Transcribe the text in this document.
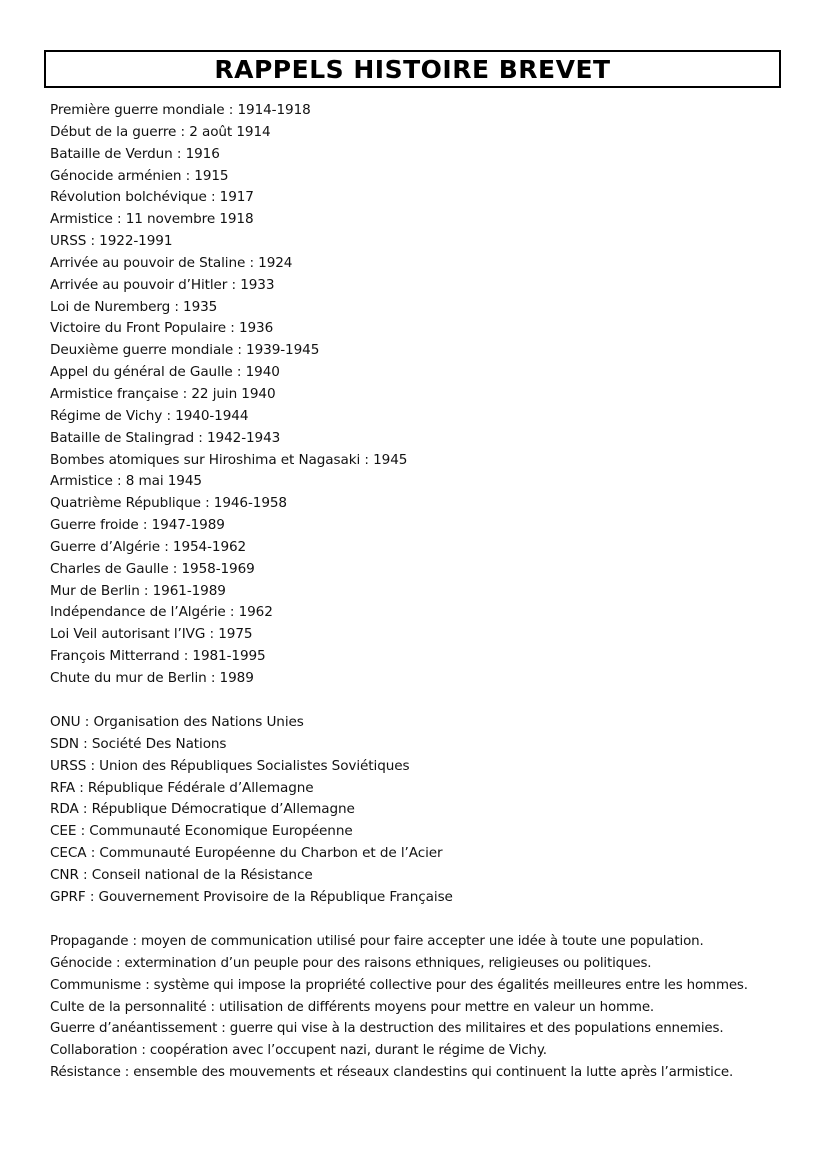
RAPPELS HISTOIRE BREVET
Première guerre mondiale : 1914-1918
Début de la guerre : 2 août 1914
Bataille de Verdun : 1916
Génocide arménien : 1915
Révolution bolchévique : 1917
Armistice : 11 novembre 1918
URSS : 1922-1991
Arrivée au pouvoir de Staline : 1924
Arrivée au pouvoir d’Hitler : 1933
Loi de Nuremberg : 1935
Victoire du Front Populaire : 1936
Deuxième guerre mondiale : 1939-1945
Appel du général de Gaulle : 1940
Armistice française : 22 juin 1940
Régime de Vichy : 1940-1944
Bataille de Stalingrad : 1942-1943
Bombes atomiques sur Hiroshima et Nagasaki : 1945
Armistice : 8 mai 1945
Quatrième République : 1946-1958
Guerre froide : 1947-1989
Guerre d’Algérie : 1954-1962
Charles de Gaulle : 1958-1969
Mur de Berlin : 1961-1989
Indépendance de l’Algérie : 1962
Loi Veil autorisant l’IVG : 1975
François Mitterrand : 1981-1995
Chute du mur de Berlin : 1989
ONU : Organisation des Nations Unies
SDN : Société Des Nations
URSS : Union des Républiques Socialistes Soviétiques
RFA : République Fédérale d’Allemagne
RDA : République Démocratique d’Allemagne
CEE : Communauté Economique Européenne
CECA : Communauté Européenne du Charbon et de l’Acier
CNR : Conseil national de la Résistance
GPRF : Gouvernement Provisoire de la République Française
Propagande : moyen de communication utilisé pour faire accepter une idée à toute une population.
Génocide : extermination d’un peuple pour des raisons ethniques, religieuses ou politiques.
Communisme : système qui impose la propriété collective pour des égalités meilleures entre les hommes.
Culte de la personnalité : utilisation de différents moyens pour mettre en valeur un homme.
Guerre d’anéantissement : guerre qui vise à la destruction des militaires et des populations ennemies.
Collaboration : coopération avec l’occupent nazi, durant le régime de Vichy.
Résistance : ensemble des mouvements et réseaux clandestins qui continuent la lutte après l’armistice.
